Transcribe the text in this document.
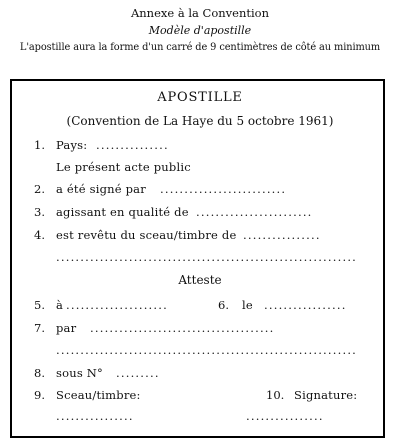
Annexe à la Convention
Modèle d'apostille
L'apostille aura la forme d'un carré de 9 centimètres de côté au minimum
APOSTILLE
(Convention de La Haye du 5 octobre 1961)
1. Pays: ...............
Le présent acte public
2. a été signé par ..........................
3. agissant en qualité de ........................
4. est revêtu du sceau/timbre de ................
..............................................................
Atteste
5. à .....................	6. le .................
7. par ......................................
..............................................................
8. sous N° .........
9. Sceau/timbre:	10. Signature:
................	................
